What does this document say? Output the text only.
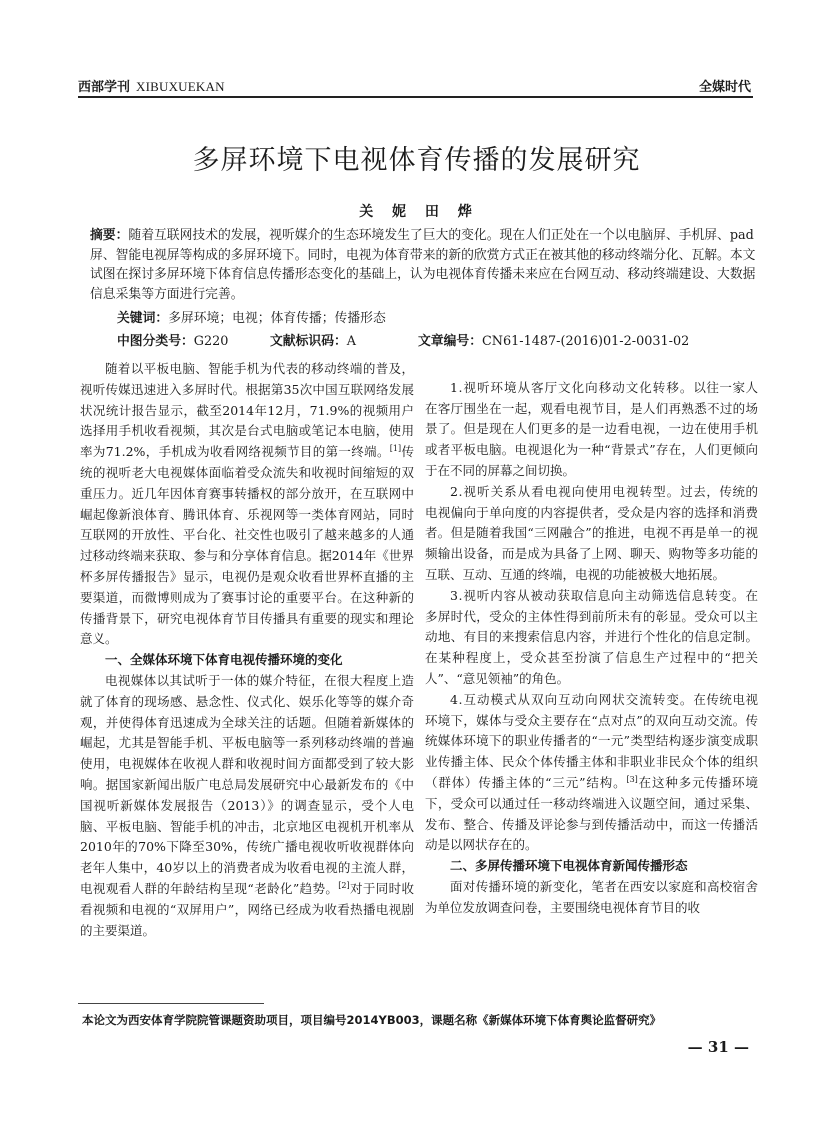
西部学刊 XIBUXUEKAN	全媒时代
多屏环境下电视体育传播的发展研究
关 妮 田 烨
摘要：随着互联网技术的发展，视听媒介的生态环境发生了巨大的变化。现在人们正处在一个以电脑屏、手机屏、pad屏、智能电视屏等构成的多屏环境下。同时，电视为体育带来的新的欣赏方式正在被其他的移动终端分化、瓦解。本文试图在探讨多屏环境下体育信息传播形态变化的基础上，认为电视体育传播未来应在台网互动、移动终端建设、大数据信息采集等方面进行完善。
关键词：多屏环境；电视；体育传播；传播形态
中图分类号：G220	文献标识码：A	文章编号：CN61-1487-(2016)01-2-0031-02

随着以平板电脑、智能手机为代表的移动终端的普及，视听传媒迅速进入多屏时代。根据第35次中国互联网络发展状况统计报告显示，截至2014年12月，71.9%的视频用户选择用手机收看视频，其次是台式电脑或笔记本电脑，使用率为71.2%，手机成为收看网络视频节目的第一终端。[1]传统的视听老大电视媒体面临着受众流失和收视时间缩短的双重压力。近几年因体育赛事转播权的部分放开，在互联网中崛起像新浪体育、腾讯体育、乐视网等一类体育网站，同时互联网的开放性、平台化、社交性也吸引了越来越多的人通过移动终端来获取、参与和分享体育信息。据2014年《世界杯多屏传播报告》显示，电视仍是观众收看世界杯直播的主要渠道，而微博则成为了赛事讨论的重要平台。在这种新的传播背景下，研究电视体育节目传播具有重要的现实和理论意义。

一、全媒体环境下体育电视传播环境的变化

电视媒体以其试听于一体的媒介特征，在很大程度上造就了体育的现场感、悬念性、仪式化、娱乐化等等的媒介奇观，并使得体育迅速成为全球关注的话题。但随着新媒体的崛起，尤其是智能手机、平板电脑等一系列移动终端的普遍使用，电视媒体在收视人群和收视时间方面都受到了较大影响。据国家新闻出版广电总局发展研究中心最新发布的《中国视听新媒体发展报告（2013）》的调查显示，受个人电脑、平板电脑、智能手机的冲击，北京地区电视机开机率从2010年的70%下降至30%，传统广播电视收听收视群体向老年人集中，40岁以上的消费者成为收看电视的主流人群，电视观看人群的年龄结构呈现“老龄化”趋势。[2]对于同时收看视频和电视的“双屏用户”，网络已经成为收看热播电视剧的主要渠道。

1.视听环境从客厅文化向移动文化转移。以往一家人在客厅围坐在一起，观看电视节目，是人们再熟悉不过的场景了。但是现在人们更多的是一边看电视，一边在使用手机或者平板电脑。电视退化为一种“背景式”存在，人们更倾向于在不同的屏幕之间切换。

2.视听关系从看电视向使用电视转型。过去，传统的电视偏向于单向度的内容提供者，受众是内容的选择和消费者。但是随着我国“三网融合”的推进，电视不再是单一的视频输出设备，而是成为具备了上网、聊天、购物等多功能的互联、互动、互通的终端，电视的功能被极大地拓展。

3.视听内容从被动获取信息向主动筛选信息转变。在多屏时代，受众的主体性得到前所未有的彰显。受众可以主动地、有目的来搜索信息内容，并进行个性化的信息定制。在某种程度上，受众甚至扮演了信息生产过程中的“把关人”、“意见领袖”的角色。

4.互动模式从双向互动向网状交流转变。在传统电视环境下，媒体与受众主要存在“点对点”的双向互动交流。传统媒体环境下的职业传播者的“一元”类型结构逐步演变成职业传播主体、民众个体传播主体和非职业非民众个体的组织（群体）传播主体的“三元”结构。[3]在这种多元传播环境下，受众可以通过任一移动终端进入议题空间，通过采集、发布、整合、传播及评论参与到传播活动中，而这一传播活动是以网状存在的。

二、多屏传播环境下电视体育新闻传播形态

面对传播环境的新变化，笔者在西安以家庭和高校宿舍为单位发放调查问卷，主要围绕电视体育节目的收

本论文为西安体育学院院管课题资助项目，项目编号2014YB003，课题名称《新媒体环境下体育舆论监督研究》
— 31 —
